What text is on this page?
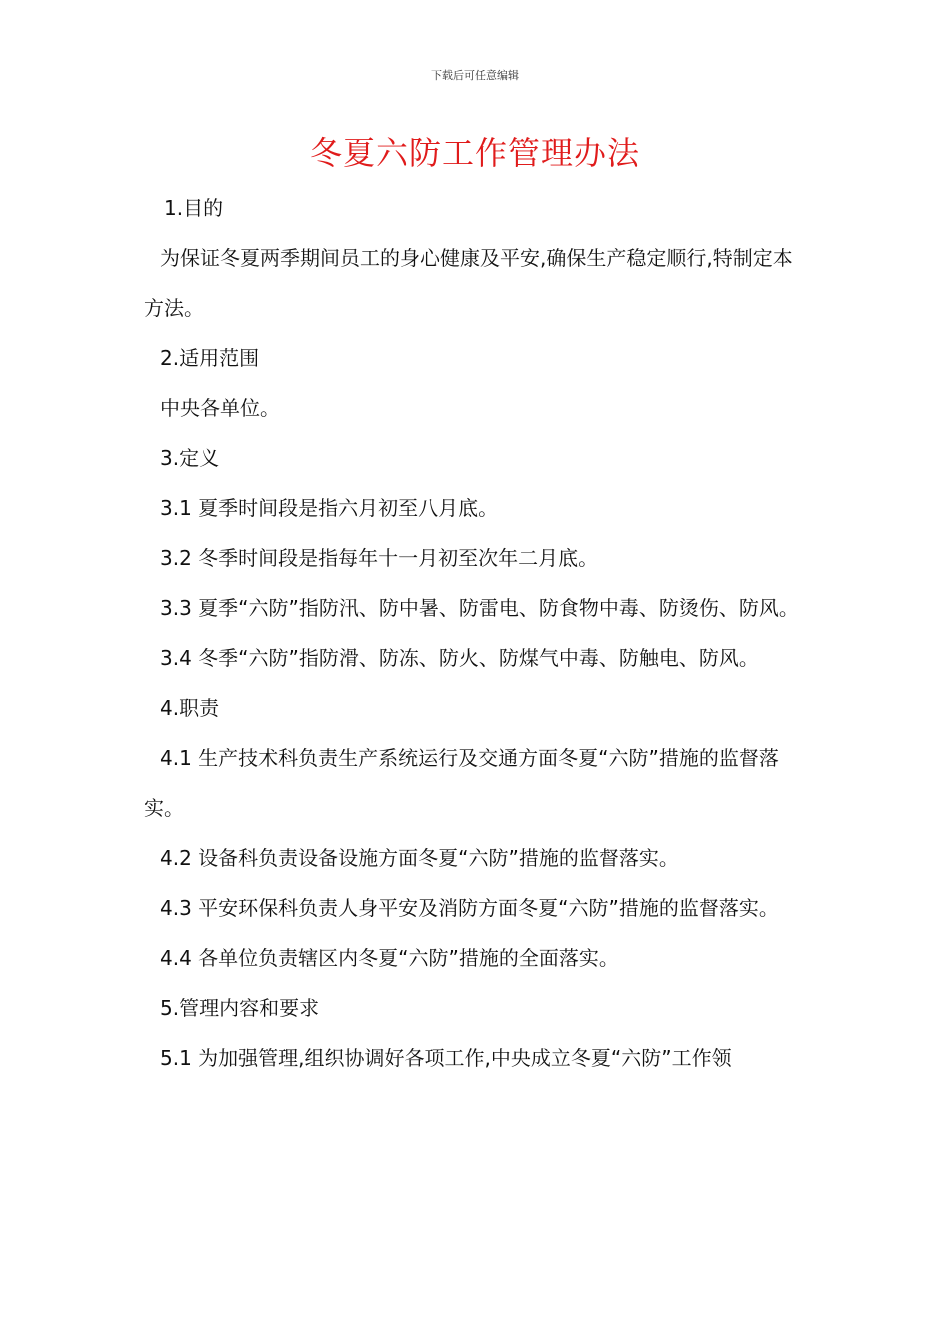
下载后可任意编辑
冬夏六防工作管理办法

1.目的

为保证冬夏两季期间员工的身心健康及平安,确保生产稳定顺行,特制定本方法。

2.适用范围

中央各单位。

3.定义

3.1 夏季时间段是指六月初至八月底。

3.2 冬季时间段是指每年十一月初至次年二月底。

3.3 夏季“六防”指防汛、防中暑、防雷电、防食物中毒、防烫伤、防风。

3.4 冬季“六防”指防滑、防冻、防火、防煤气中毒、防触电、防风。

4.职责

4.1 生产技术科负责生产系统运行及交通方面冬夏“六防”措施的监督落实。

4.2 设备科负责设备设施方面冬夏“六防”措施的监督落实。

4.3 平安环保科负责人身平安及消防方面冬夏“六防”措施的监督落实。

4.4 各单位负责辖区内冬夏“六防”措施的全面落实。

5.管理内容和要求

5.1 为加强管理,组织协调好各项工作,中央成立冬夏“六防”工作领
